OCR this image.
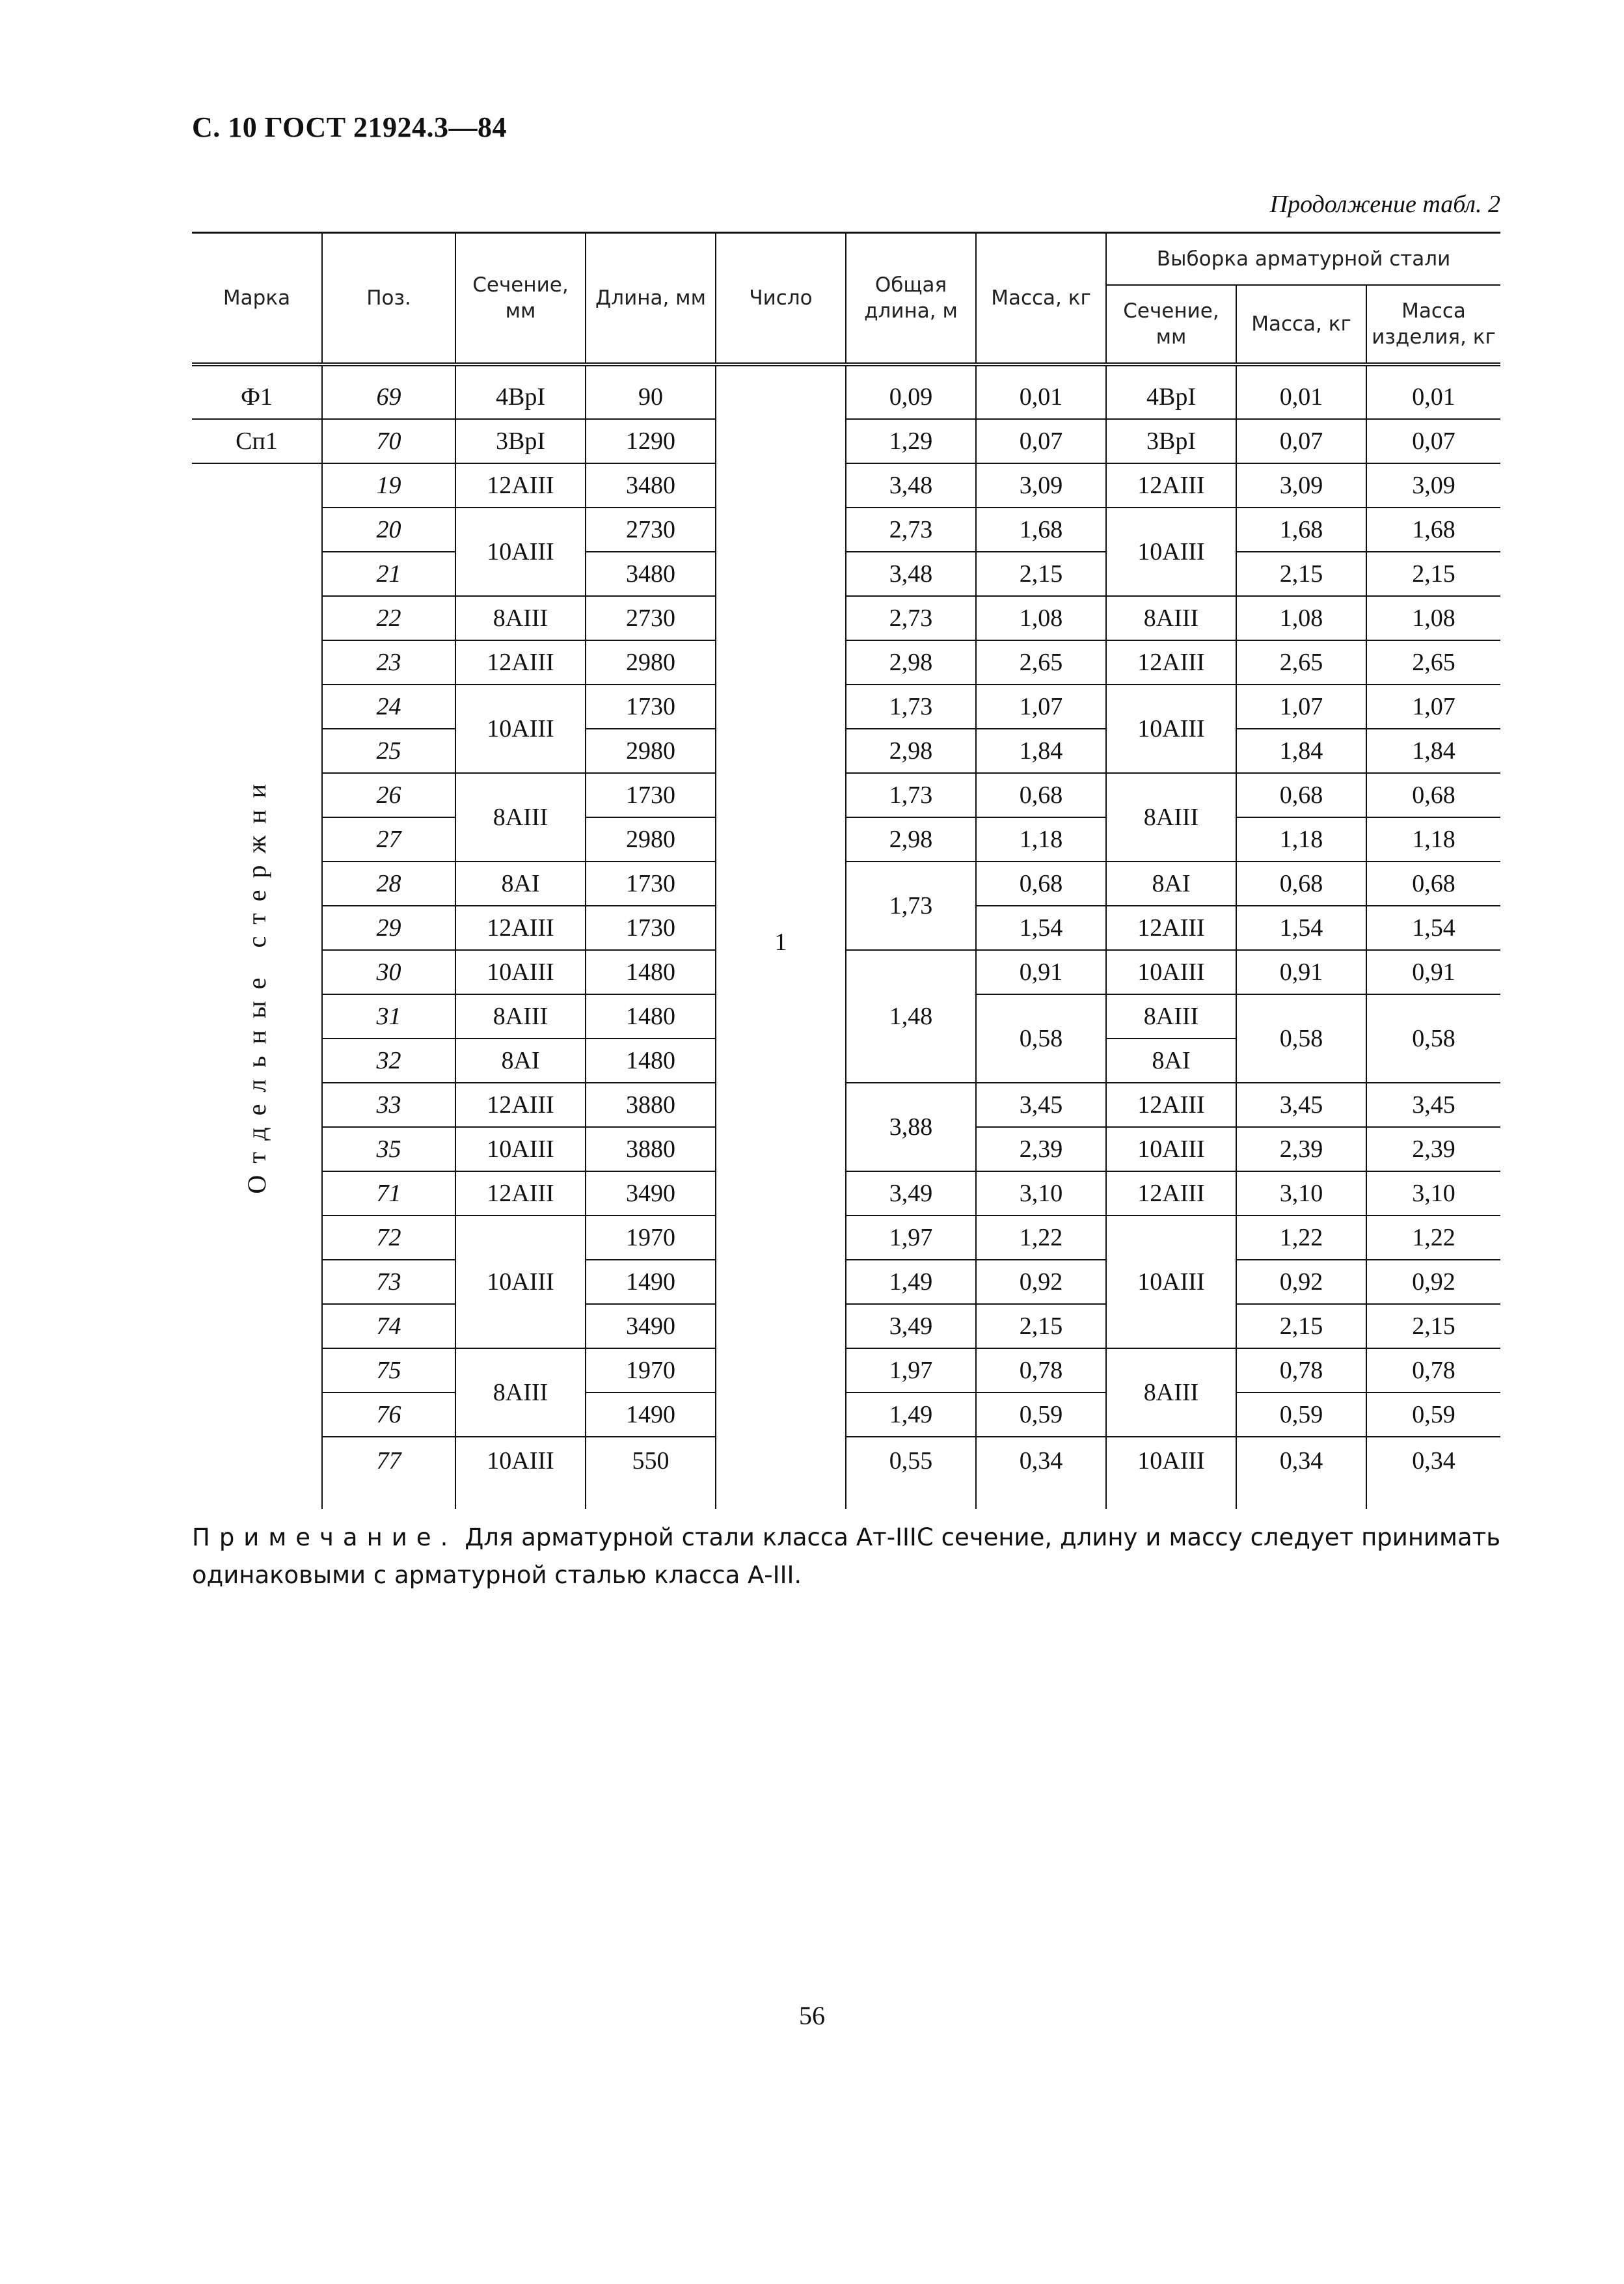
С. 10 ГОСТ 21924.3—84
Продолжение табл. 2
Марка	Поз.	Сечение, мм	Длина, мм	Число	Общая длина, м	Масса, кг	Выборка арматурной стали		
							Сечение, мм	Масса, кг	Масса изделия, кг
Ф1	69	4ВрI	90	1	0,09	0,01	4ВрI	0,01	0,01
Сп1	70	3ВрI	1290		1,29	0,07	3ВрI	0,07	0,07
Отдельные стержни	19	12АIII	3480		3,48	3,09	12АIII	3,09	3,09
	20	10АIII	2730		2,73	1,68	10АIII	1,68	1,68
	21		3480		3,48	2,15		2,15	2,15
	22	8АIII	2730		2,73	1,08	8АIII	1,08	1,08
	23	12АIII	2980		2,98	2,65	12АIII	2,65	2,65
	24	10АIII	1730		1,73	1,07	10АIII	1,07	1,07
	25		2980		2,98	1,84		1,84	1,84
	26	8АIII	1730		1,73	0,68	8АIII	0,68	0,68
	27		2980		2,98	1,18		1,18	1,18
	28	8АI	1730		1,73	0,68	8АI	0,68	0,68
	29	12АIII	1730			1,54	12АIII	1,54	1,54
	30	10АIII	1480		1,48	0,91	10АIII	0,91	0,91
	31	8АIII	1480			0,58	8АIII	0,58	0,58
	32	8АI	1480				8АI		
	33	12АIII	3880		3,88	3,45	12АIII	3,45	3,45
	35	10АIII	3880			2,39	10АIII	2,39	2,39
	71	12АIII	3490		3,49	3,10	12АIII	3,10	3,10
	72	10АIII	1970		1,97	1,22	10АIII	1,22	1,22
	73		1490		1,49	0,92		0,92	0,92
	74		3490		3,49	2,15		2,15	2,15
	75	8АIII	1970		1,97	0,78	8АIII	0,78	0,78
	76		1490		1,49	0,59		0,59	0,59
	77	10АIII	550		0,55	0,34	10АIII	0,34	0,34
Примечание. Для арматурной стали класса Ат-IIIС сечение, длину и массу следует принимать одинаковыми с арматурной сталью класса А-III.
56
